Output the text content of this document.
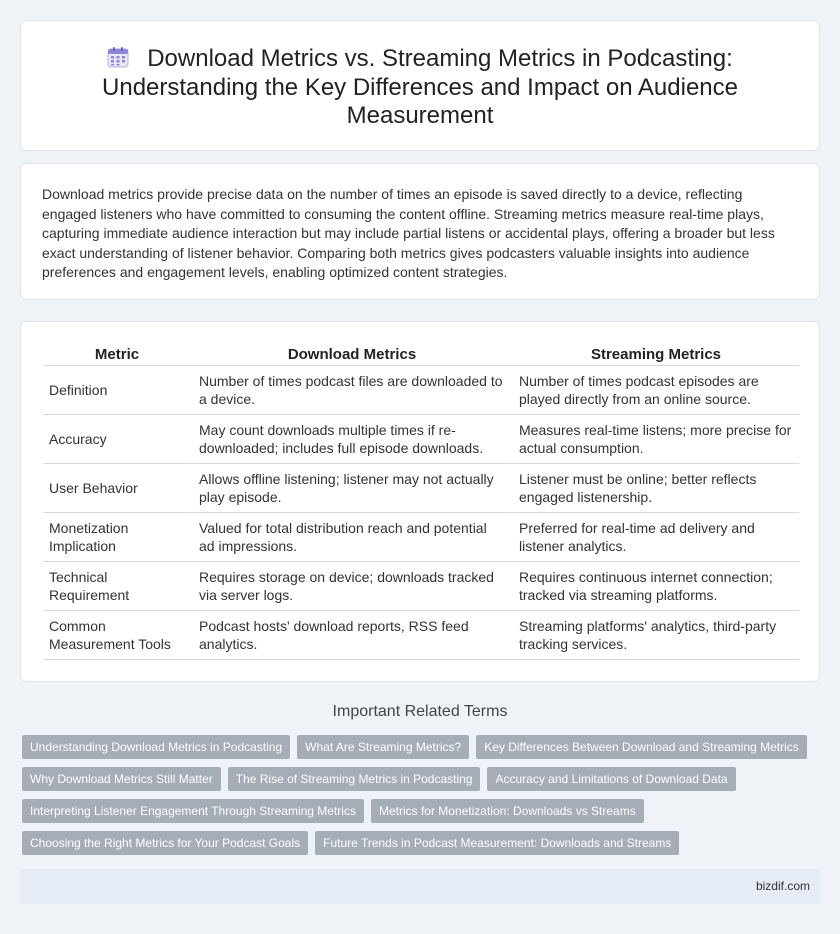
Download Metrics vs. Streaming Metrics in Podcasting: Understanding the Key Differences and Impact on Audience Measurement

Download metrics provide precise data on the number of times an episode is saved directly to a device, reflecting engaged listeners who have committed to consuming the content offline. Streaming metrics measure real-time plays, capturing immediate audience interaction but may include partial listens or accidental plays, offering a broader but less exact understanding of listener behavior. Comparing both metrics gives podcasters valuable insights into audience preferences and engagement levels, enabling optimized content strategies.

Metric	Download Metrics	Streaming Metrics
Definition	Number of times podcast files are downloaded to a device.	Number of times podcast episodes are played directly from an online source.
Accuracy	May count downloads multiple times if re-downloaded; includes full episode downloads.	Measures real-time listens; more precise for actual consumption.
User Behavior	Allows offline listening; listener may not actually play episode.	Listener must be online; better reflects engaged listenership.
Monetization Implication	Valued for total distribution reach and potential ad impressions.	Preferred for real-time ad delivery and listener analytics.
Technical Requirement	Requires storage on device; downloads tracked via server logs.	Requires continuous internet connection; tracked via streaming platforms.
Common Measurement Tools	Podcast hosts' download reports, RSS feed analytics.	Streaming platforms' analytics, third-party tracking services.
Important Related Terms
Understanding Download Metrics in Podcasting	What Are Streaming Metrics?	Key Differences Between Download and Streaming Metrics
Why Download Metrics Still Matter	The Rise of Streaming Metrics in Podcasting	Accuracy and Limitations of Download Data
Interpreting Listener Engagement Through Streaming Metrics	Metrics for Monetization: Downloads vs Streams
Choosing the Right Metrics for Your Podcast Goals	Future Trends in Podcast Measurement: Downloads and Streams
bizdif.com
